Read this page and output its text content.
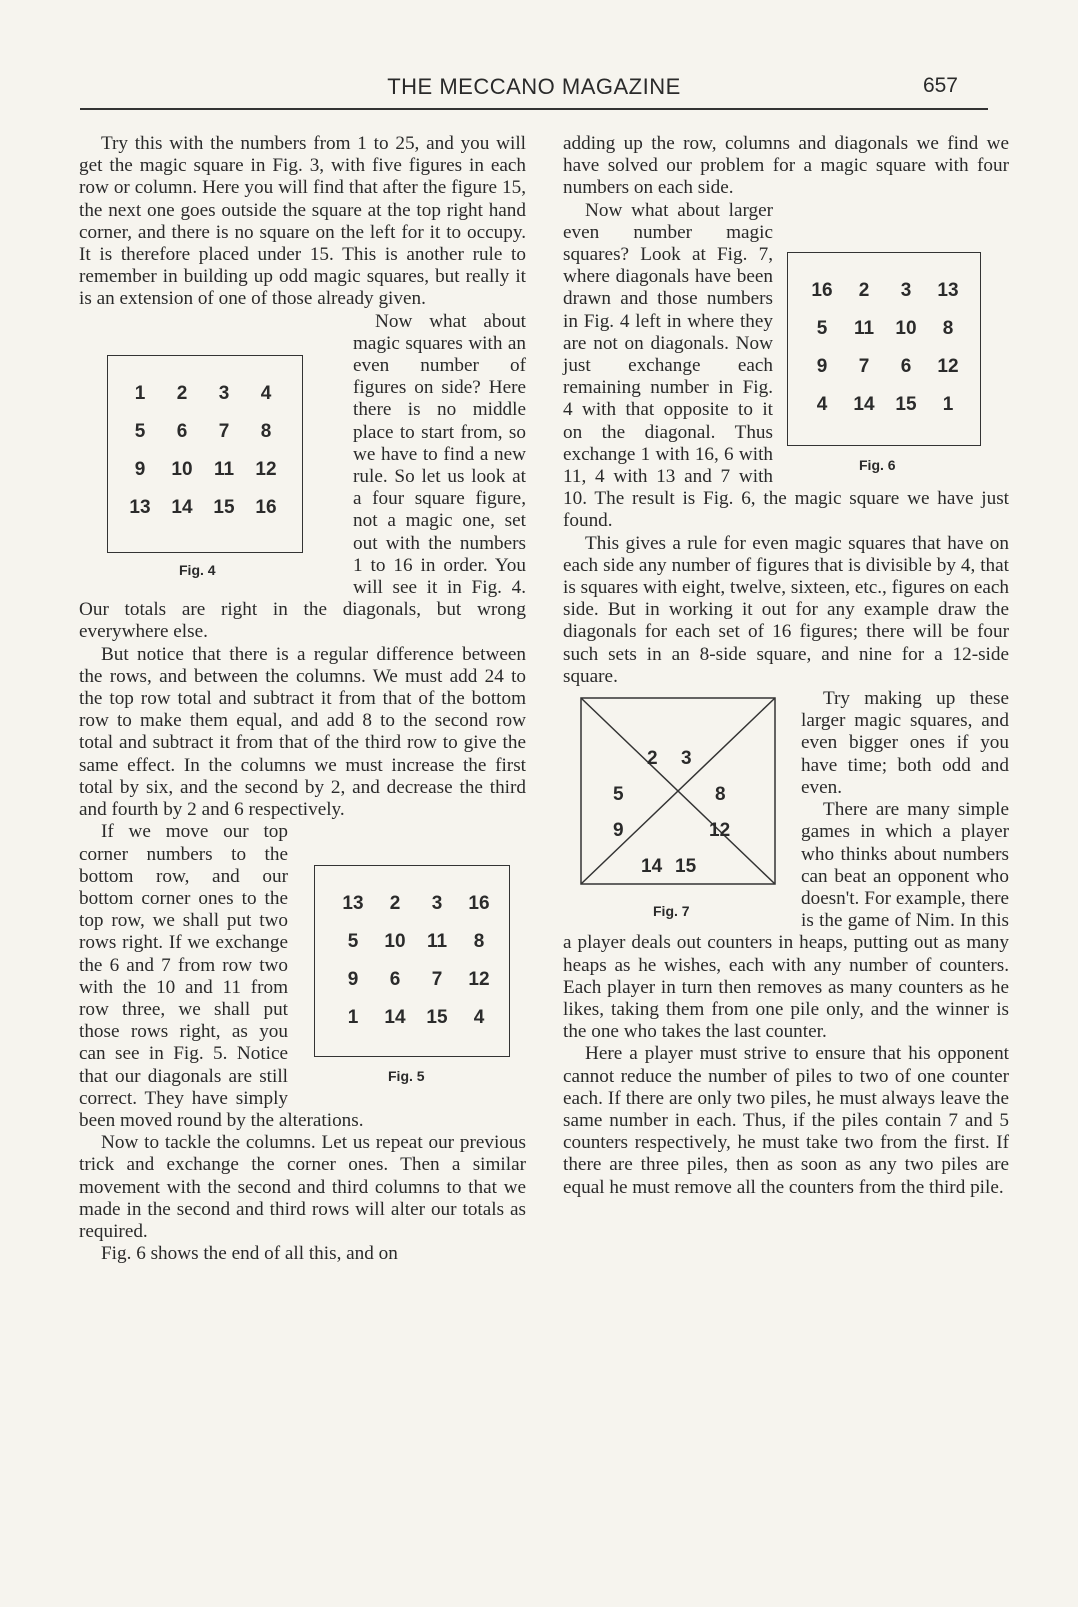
THE MECCANO MAGAZINE	657

Try this with the numbers from 1 to 25, and you will get the magic square in Fig. 3, with five figures in each row or column. Here you will find that after the figure 15, the next one goes outside the square at the top right hand corner, and there is no square on the left for it to occupy. It is therefore placed under 15. This is another rule to remember in building up odd magic squares, but really it is an extension of one of those already given.

1 2 3 4
5 6 7 8
9 10 11 12
13 14 15 16
Fig. 4

Now what about magic squares with an even number of figures on side? Here there is no middle place to start from, so we have to find a new rule. So let us look at a four square figure, not a magic one, set out with the numbers 1 to 16 in order. You will see it in Fig. 4. Our totals are right in the diagonals, but wrong everywhere else.

But notice that there is a regular difference between the rows, and between the columns. We must add 24 to the top row total and subtract it from that of the bottom row to make them equal, and add 8 to the second row total and subtract it from that of the third row to give the same effect. In the columns we must increase the first total by six, and the second by 2, and decrease the third and fourth by 2 and 6 respectively.

13 2 3 16
5 10 11 8
9 6 7 12
1 14 15 4
Fig. 5

If we move our top corner numbers to the bottom row, and our bottom corner ones to the top row, we shall put two rows right. If we exchange the 6 and 7 from row two with the 10 and 11 from row three, we shall put those rows right, as you can see in Fig. 5. Notice that our diagonals are still correct. They have simply been moved round by the alterations.

Now to tackle the columns. Let us repeat our previous trick and exchange the corner ones. Then a similar movement with the second and third columns to that we made in the second and third rows will alter our totals as required.

Fig. 6 shows the end of all this, and on

adding up the row, columns and diagonals we find we have solved our problem for a magic square with four numbers on each side.

16 2 3 13
5 11 10 8
9 7 6 12
4 14 15 1
Fig. 6

Now what about larger even number magic squares? Look at Fig. 7, where diagonals have been drawn and those numbers in Fig. 4 left in where they are not on diagonals. Now just exchange each remaining number in Fig. 4 with that opposite to it on the diagonal. Thus exchange 1 with 16, 6 with 11, 4 with 13 and 7 with 10. The result is Fig. 6, the magic square we have just found.

This gives a rule for even magic squares that have on each side any number of figures that is divisible by 4, that is squares with eight, twelve, sixteen, etc., figures on each side. But in working it out for any example draw the diagonals for each set of 16 figures; there will be four such sets in an 8-side square, and nine for a 12-side square.

2 3
5	8
9	12
14 15
Fig. 7

Try making up these larger magic squares, and even bigger ones if you have time; both odd and even.

There are many simple games in which a player who thinks about numbers can beat an opponent who doesn't. For example, there is the game of Nim. In this a player deals out counters in heaps, putting out as many heaps as he wishes, each with any number of counters. Each player in turn then removes as many counters as he likes, taking them from one pile only, and the winner is the one who takes the last counter.

Here a player must strive to ensure that his opponent cannot reduce the number of piles to two of one counter each. If there are only two piles, he must always leave the same number in each. Thus, if the piles contain 7 and 5 counters respectively, he must take two from the first. If there are three piles, then as soon as any two piles are equal he must remove all the counters from the third pile.
